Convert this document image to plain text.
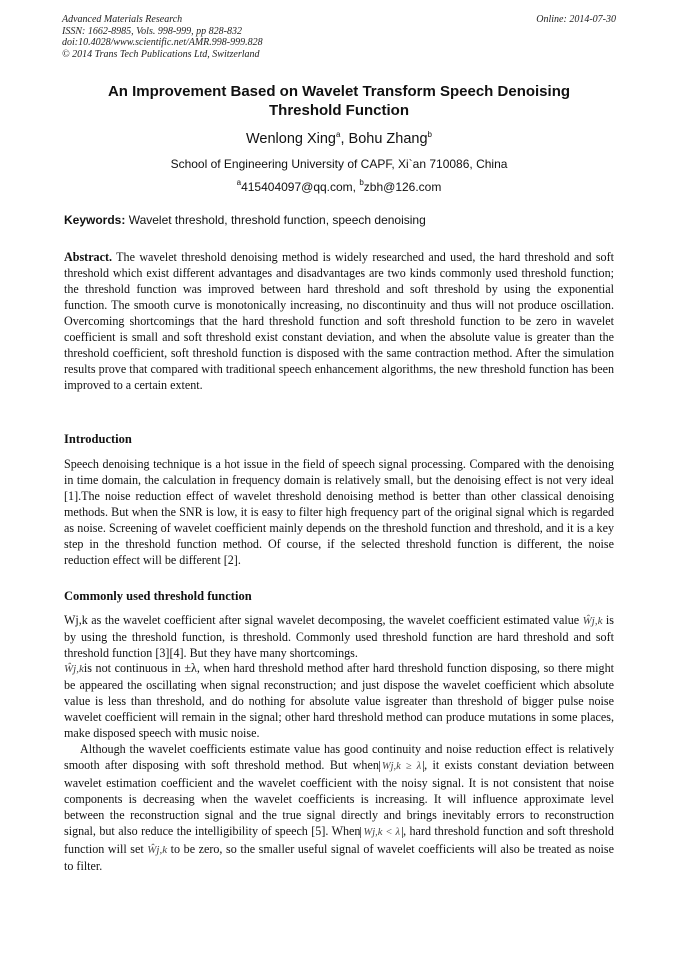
Advanced Materials Research
ISSN: 1662-8985, Vols. 998-999, pp 828-832
doi:10.4028/www.scientific.net/AMR.998-999.828
© 2014 Trans Tech Publications Ltd, Switzerland
Online: 2014-07-30
An Improvement Based on Wavelet Transform Speech Denoising Threshold Function
Wenlong Xing$^a$, Bohu Zhang$^b$
School of Engineering University of CAPF, Xi`an 710086, China
$^a$415404097@qq.com, $^b$zbh@126.com
Keywords: Wavelet threshold, threshold function, speech denoising

Abstract. The wavelet threshold denoising method is widely researched and used, the hard threshold and soft threshold which exist different advantages and disadvantages are two kinds commonly used threshold function; the threshold function was improved between hard threshold and soft threshold by using the exponential function. The smooth curve is monotonically increasing, no discontinuity and thus will not produce oscillation. Overcoming shortcomings that the hard threshold function and soft threshold function to be zero in wavelet coefficient is small and soft threshold exist constant deviation, and when the absolute value is greater than the threshold coefficient, soft threshold function is disposed with the same contraction method. After the simulation results prove that compared with traditional speech enhancement algorithms, the new threshold function has been improved to a certain extent.

Introduction

Speech denoising technique is a hot issue in the field of speech signal processing. Compared with the denoising in time domain, the calculation in frequency domain is relatively small, but the denoising effect is not very ideal [1].The noise reduction effect of wavelet threshold denoising method is better than other classical denoising methods. But when the SNR is low, it is easy to filter high frequency part of the original signal which is regarded as noise. Screening of wavelet coefficient mainly depends on the threshold function and threshold, and it is a key step in the threshold function method. Of course, if the selected threshold function is different, the noise reduction effect will be different [2].

Commonly used threshold function

Wj,k as the wavelet coefficient after signal wavelet decomposing, the wavelet coefficient estimated value Ŵj,k is by using the threshold function, is threshold. Commonly used threshold function are hard threshold and soft threshold function [3][4]. But they have many shortcomings.

Ŵj,kis not continuous in ±λ, when hard threshold method after hard threshold function disposing, so there might be appeared the oscillating when signal reconstruction; and just dispose the wavelet coefficient which absolute value is less than threshold, and do nothing for absolute value isgreater than threshold of bigger pulse noise wavelet coefficient will remain in the signal; other hard threshold method can produce mutations in some places, make disposed speech with music noise.

Although the wavelet coefficients estimate value has good continuity and noise reduction effect is relatively smooth after disposing with soft threshold method. But when Wj,k ≥ λ , it exists constant deviation between wavelet estimation coefficient and the wavelet coefficient with the noisy signal. It is not consistent that noise components is decreasing when the wavelet coefficients is increasing. It will influence approximate level between the reconstruction signal and the true signal directly and brings inevitably errors to reconstruction signal, but also reduce the intelligibility of speech [5]. When Wj,k < λ , hard threshold function and soft threshold function will set Ŵj,k to be zero, so the smaller useful signal of wavelet coefficients will also be treated as noise to filter.
